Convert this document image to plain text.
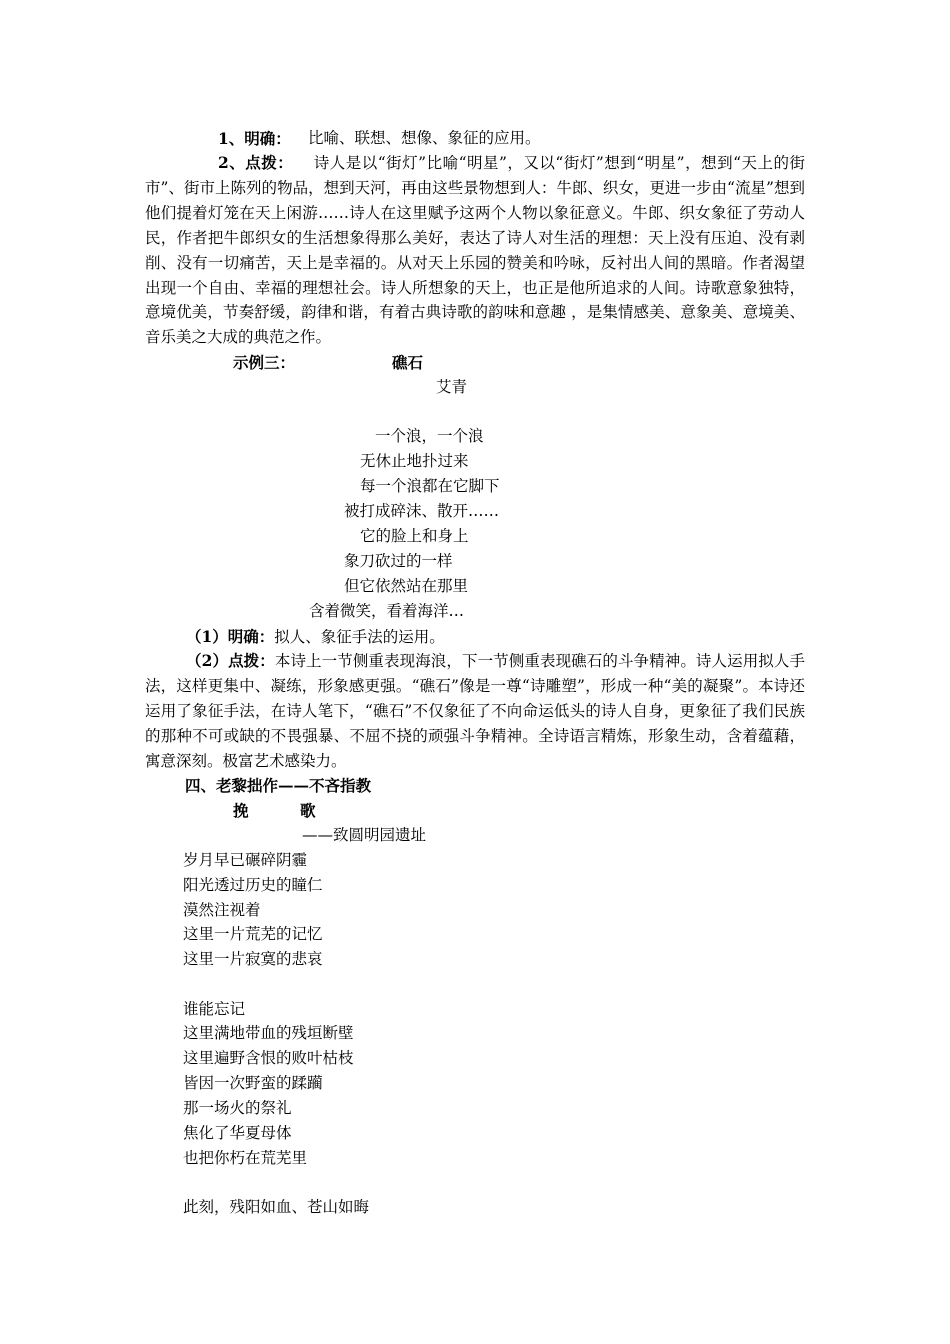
1、明确： 比喻、联想、想像、象征的应用。

2、点拨： 诗人是以“街灯”比喻“明星”，又以“街灯”想到“明星”，想到“天上的街市”、街市上陈列的物品，想到天河，再由这些景物想到人：牛郎、织女，更进一步由“流星”想到他们提着灯笼在天上闲游……诗人在这里赋予这两个人物以象征意义。牛郎、织女象征了劳动人民，作者把牛郎织女的生活想象得那么美好，表达了诗人对生活的理想：天上没有压迫、没有剥削、没有一切痛苦，天上是幸福的。从对天上乐园的赞美和吟咏，反衬出人间的黑暗。作者渴望出现一个自由、幸福的理想社会。诗人所想象的天上，也正是他所追求的人间。诗歌意象独特，意境优美，节奏舒缓，韵律和谐，有着古典诗歌的韵味和意趣 ，是集情感美、意象美、意境美、音乐美之大成的典范之作。

示例三：	礁石
艾青
一个浪，一个浪
无休止地扑过来
每一个浪都在它脚下
被打成碎沫、散开……
它的脸上和身上
象刀砍过的一样
但它依然站在那里
含着微笑，看着海洋…
（1）明确：拟人、象征手法的运用。

（2）点拨：本诗上一节侧重表现海浪，下一节侧重表现礁石的斗争精神。诗人运用拟人手法，这样更集中、凝练，形象感更强。“礁石”像是一尊“诗雕塑”，形成一种“美的凝聚”。本诗还运用了象征手法，在诗人笔下，“礁石”不仅象征了不向命运低头的诗人自身，更象征了我们民族的那种不可或缺的不畏强暴、不屈不挠的顽强斗争精神。全诗语言精炼，形象生动，含着蕴藉，寓意深刻。极富艺术感染力。

四、老黎拙作——不吝指教
挽	歌
——致圆明园遗址
岁月早已碾碎阴霾
阳光透过历史的瞳仁
漠然注视着
这里一片荒芜的记忆
这里一片寂寞的悲哀
谁能忘记
这里满地带血的残垣断壁
这里遍野含恨的败叶枯枝
皆因一次野蛮的蹂躏
那一场火的祭礼
焦化了华夏母体
也把你朽在荒芜里
此刻，残阳如血、苍山如晦
